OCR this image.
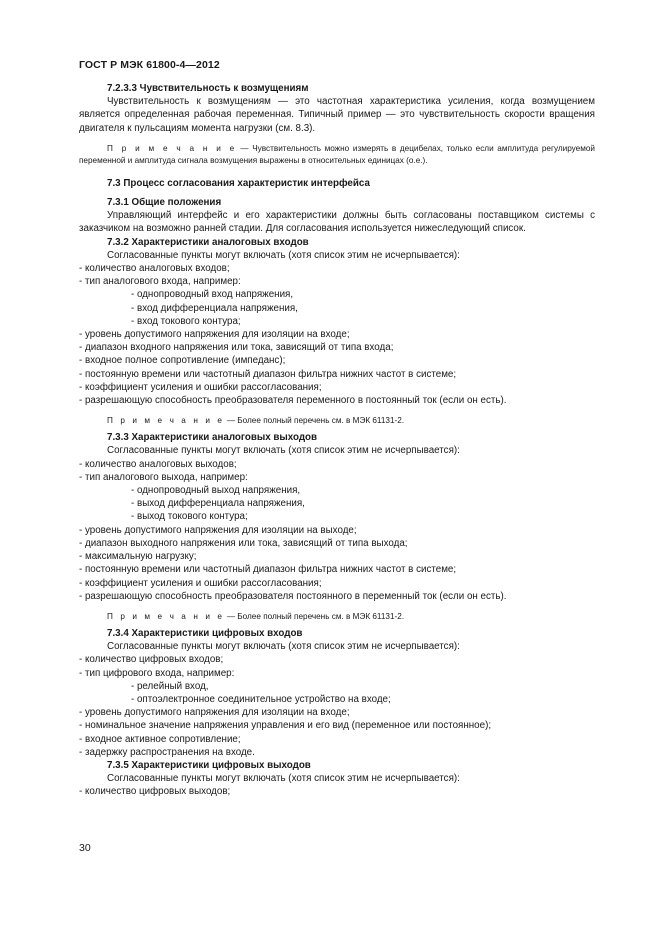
ГОСТ Р МЭК 61800-4—2012
7.2.3.3 Чувствительность к возмущениям
Чувствительность к возмущениям — это частотная характеристика усиления, когда возмущением является определенная рабочая переменная. Типичный пример — это чувствительность скорости вращения двигателя к пульсациям момента нагрузки (см. 8.3).
П р и м е ч а н и е — Чувствительность можно измерять в децибелах, только если амплитуда регулируемой переменной и амплитуда сигнала возмущения выражены в относительных единицах (о.е.).
7.3 Процесс согласования характеристик интерфейса
7.3.1 Общие положения
Управляющий интерфейс и его характеристики должны быть согласованы поставщиком системы с заказчиком на возможно ранней стадии. Для согласования используется нижеследующий список.
7.3.2 Характеристики аналоговых входов
Согласованные пункты могут включать (хотя список этим не исчерпывается):
- количество аналоговых входов;
- тип аналогового входа, например:
- однопроводный вход напряжения,
- вход дифференциала напряжения,
- вход токового контура;
- уровень допустимого напряжения для изоляции на входе;
- диапазон входного напряжения или тока, зависящий от типа входа;
- входное полное сопротивление (импеданс);
- постоянную времени или частотный диапазон фильтра нижних частот в системе;
- коэффициент усиления и ошибки рассогласования;
- разрешающую способность преобразователя переменного в постоянный ток (если он есть).
П р и м е ч а н и е — Более полный перечень см. в МЭК 61131-2.
7.3.3 Характеристики аналоговых выходов
Согласованные пункты могут включать (хотя список этим не исчерпывается):
- количество аналоговых выходов;
- тип аналогового выхода, например:
- однопроводный выход напряжения,
- выход дифференциала напряжения,
- выход токового контура;
- уровень допустимого напряжения для изоляции на выходе;
- диапазон выходного напряжения или тока, зависящий от типа выхода;
- максимальную нагрузку;
- постоянную времени или частотный диапазон фильтра нижних частот в системе;
- коэффициент усиления и ошибки рассогласования;
- разрешающую способность преобразователя постоянного в переменный ток (если он есть).
П р и м е ч а н и е — Более полный перечень см. в МЭК 61131-2.
7.3.4 Характеристики цифровых входов
Согласованные пункты могут включать (хотя список этим не исчерпывается):
- количество цифровых входов;
- тип цифрового входа, например:
- релейный вход,
- оптоэлектронное соединительное устройство на входе;
- уровень допустимого напряжения для изоляции на входе;
- номинальное значение напряжения управления и его вид (переменное или постоянное);
- входное активное сопротивление;
- задержку распространения на входе.
7.3.5 Характеристики цифровых выходов
Согласованные пункты могут включать (хотя список этим не исчерпывается):
- количество цифровых выходов;
30
